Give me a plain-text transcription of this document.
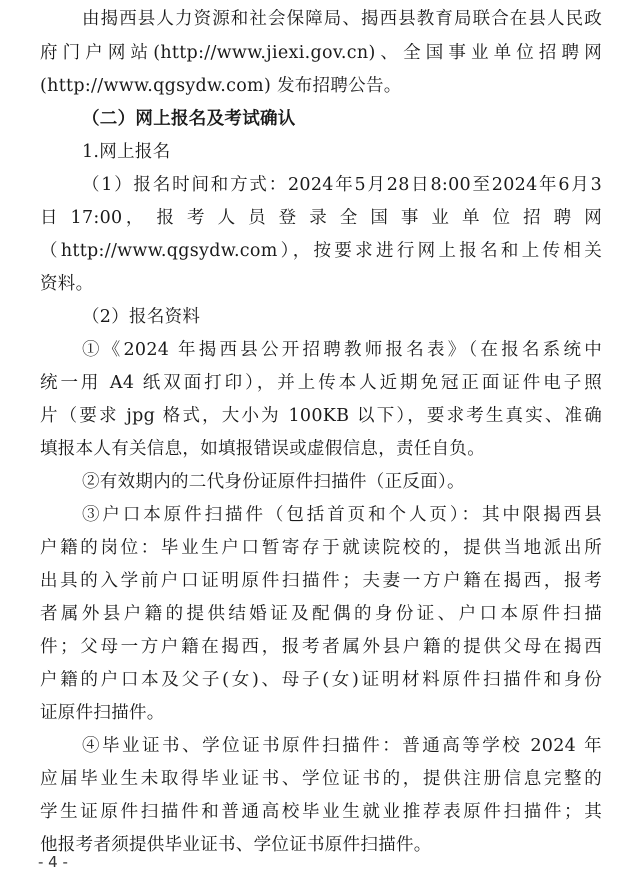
由揭西县人力资源和社会保障局、揭西县教育局联合在县人民政
府门户网站(http://www.jiexi.gov.cn)、全国事业单位招聘网
(http://www.qgsydw.com) 发布招聘公告。
（二）网上报名及考试确认
1.网上报名
（1）报名时间和方式：2024年5月28日8:00至2024年6月3
日 17:00， 报 考 人 员 登 录 全 国 事 业 单 位 招 聘 网
（http://www.qgsydw.com），按要求进行网上报名和上传相关
资料。
（2）报名资料
①《2024 年揭西县公开招聘教师报名表》（在报名系统中
统一用 A4 纸双面打印），并上传本人近期免冠正面证件电子照
片（要求 jpg 格式，大小为 100KB 以下），要求考生真实、准确
填报本人有关信息，如填报错误或虚假信息，责任自负。
②有效期内的二代身份证原件扫描件（正反面）。
③户口本原件扫描件（包括首页和个人页）：其中限揭西县
户籍的岗位：毕业生户口暂寄存于就读院校的，提供当地派出所
出具的入学前户口证明原件扫描件；夫妻一方户籍在揭西，报考
者属外县户籍的提供结婚证及配偶的身份证、户口本原件扫描
件；父母一方户籍在揭西，报考者属外县户籍的提供父母在揭西
户籍的户口本及父子(女)、母子(女)证明材料原件扫描件和身份
证原件扫描件。
④毕业证书、学位证书原件扫描件：普通高等学校 2024 年
应届毕业生未取得毕业证书、学位证书的，提供注册信息完整的
学生证原件扫描件和普通高校毕业生就业推荐表原件扫描件；其
他报考者须提供毕业证书、学位证书原件扫描件。
- 4 -
